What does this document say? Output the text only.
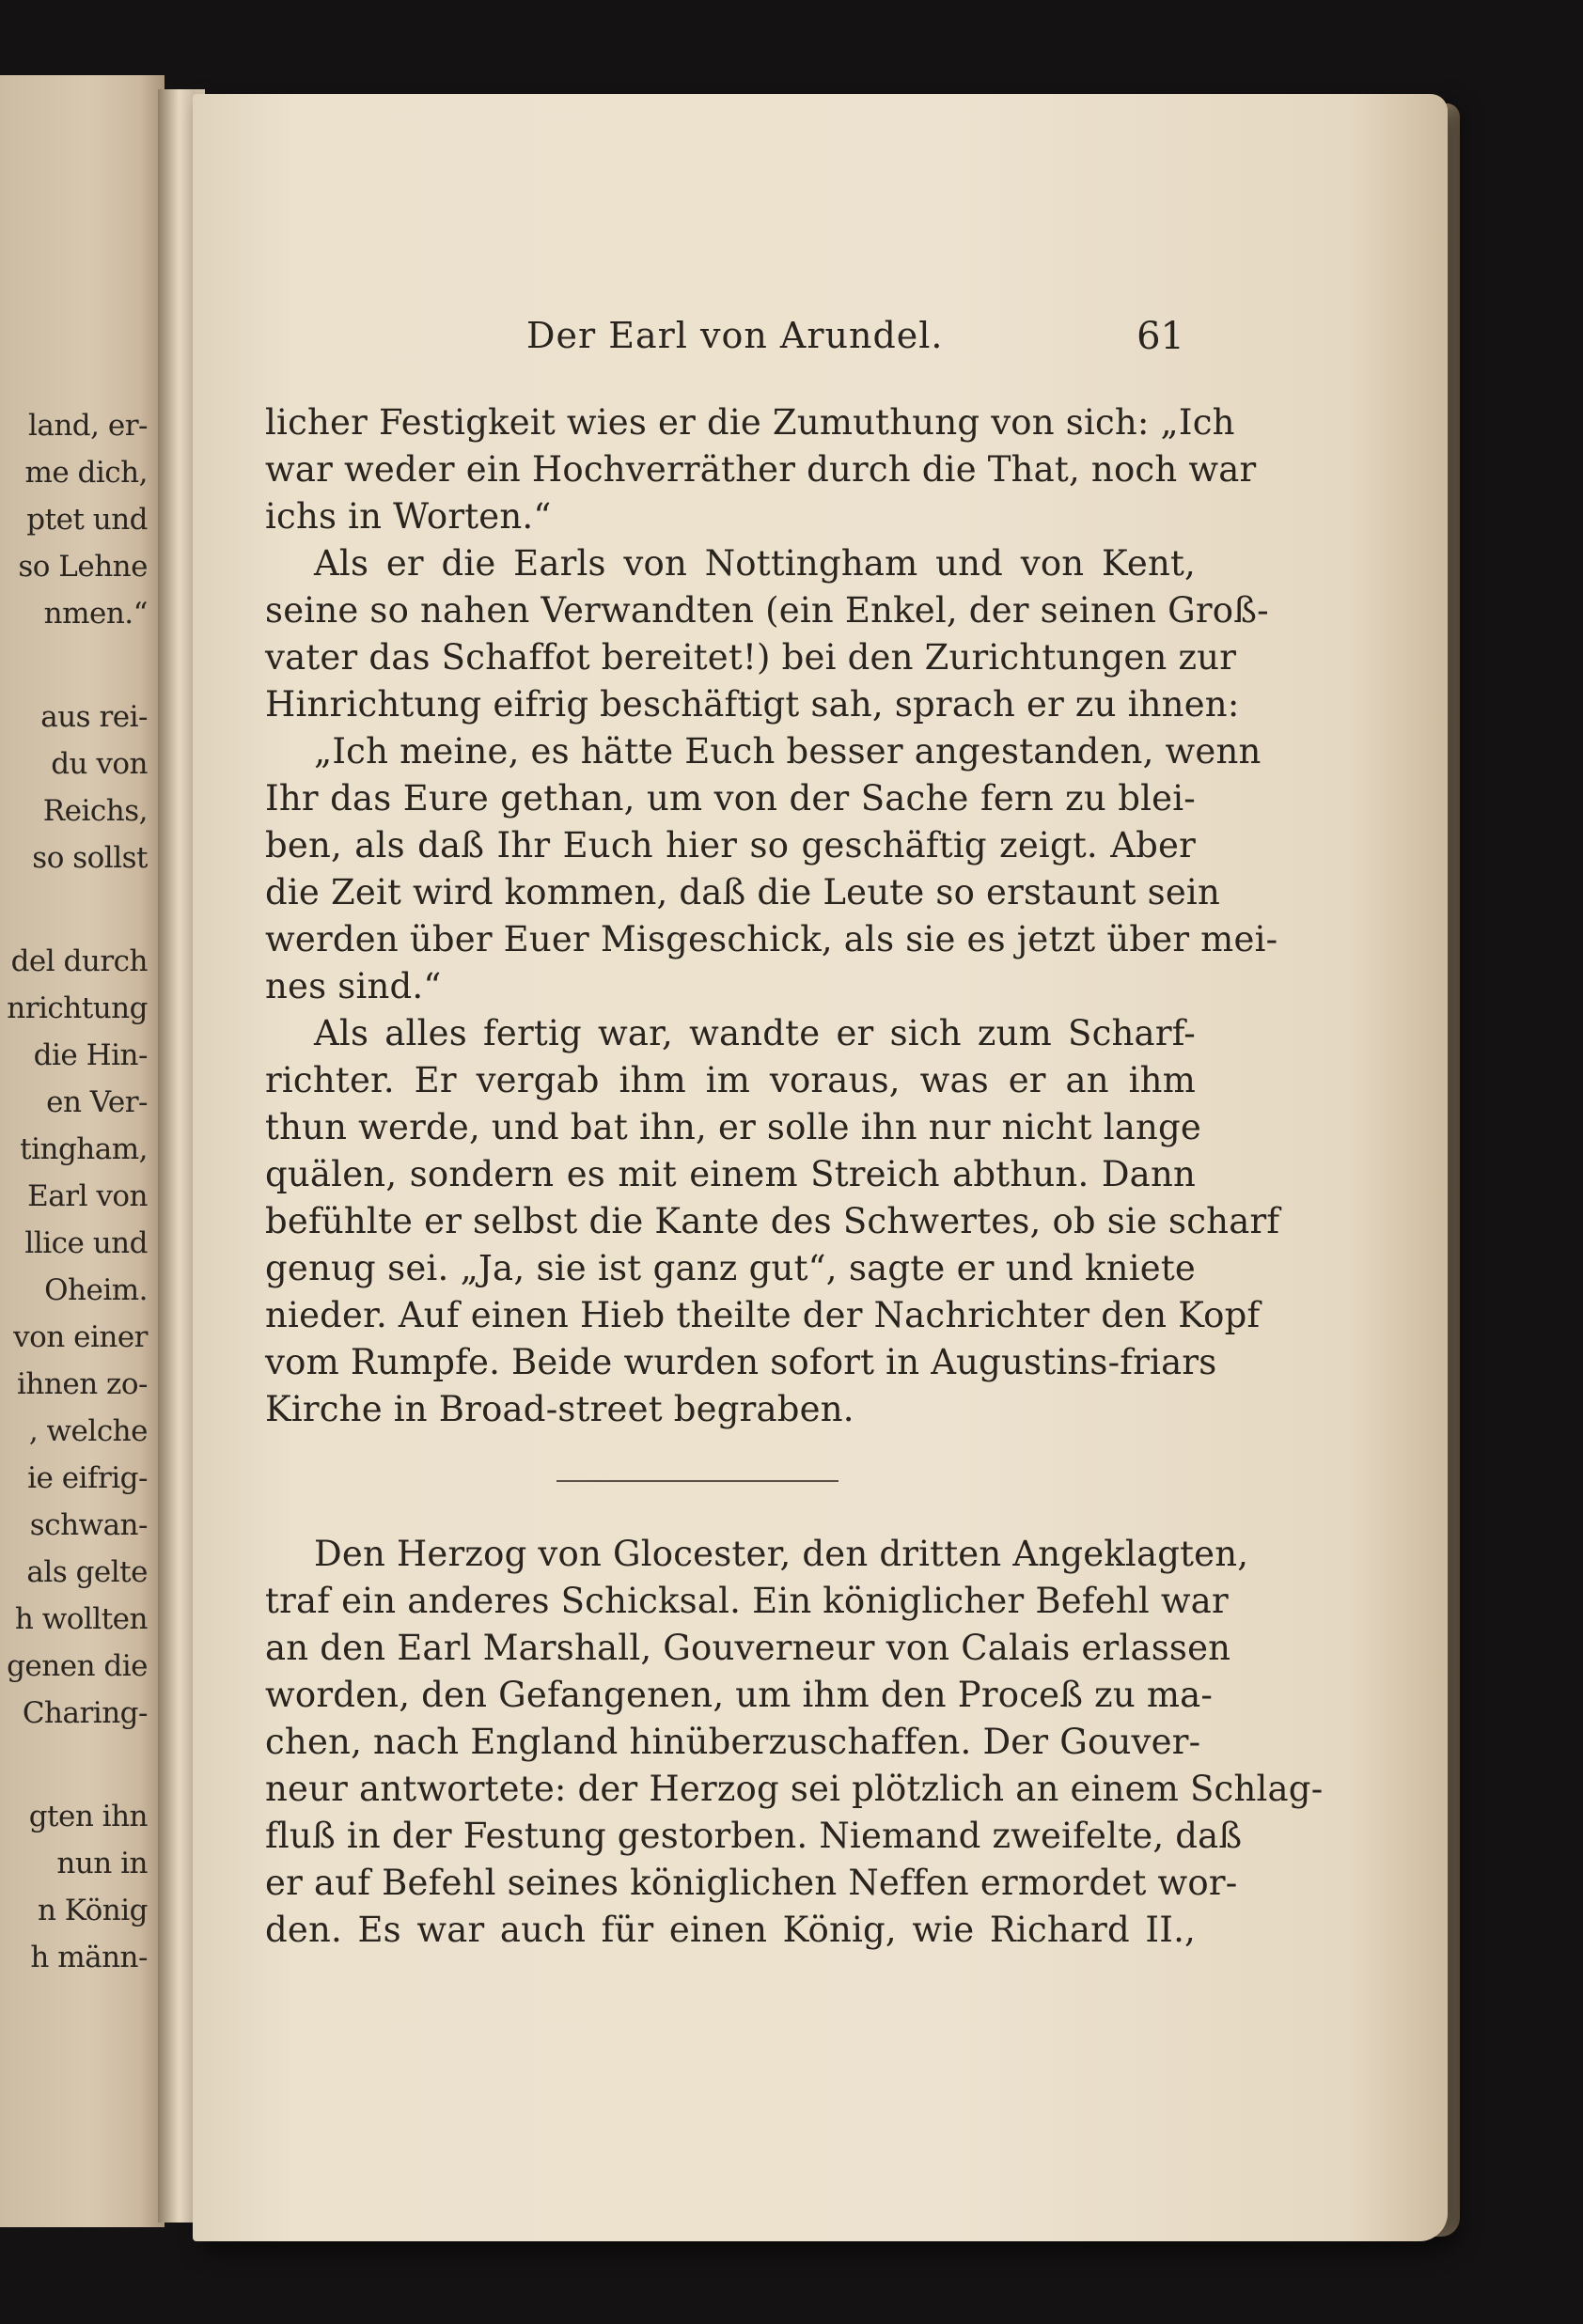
land, er-
me dich,
ptet und
so Lehne
nmen.“
aus rei-
du von
Reichs,
so sollst
del durch
nrichtung
die Hin-
en Ver-
tingham,
Earl von
llice und
Oheim.
von einer
ihnen zo-
, welche
ie eifrig-
schwan-
als gelte
h wollten
genen die
Charing-
gten ihn
nun in
n König
h männ-
Der Earl von Arundel.	61
licher Festigkeit wies er die Zumuthung von sich: „Ich
war weder ein Hochverräther durch die That, noch war
ichs in Worten.“
Als er die Earls von Nottingham und von Kent,
seine so nahen Verwandten (ein Enkel, der seinen Groß-
vater das Schaffot bereitet!) bei den Zurichtungen zur
Hinrichtung eifrig beschäftigt sah, sprach er zu ihnen:
„Ich meine, es hätte Euch besser angestanden, wenn
Ihr das Eure gethan, um von der Sache fern zu blei-
ben, als daß Ihr Euch hier so geschäftig zeigt. Aber
die Zeit wird kommen, daß die Leute so erstaunt sein
werden über Euer Misgeschick, als sie es jetzt über mei-
nes sind.“
Als alles fertig war, wandte er sich zum Scharf-
richter. Er vergab ihm im voraus, was er an ihm
thun werde, und bat ihn, er solle ihn nur nicht lange
quälen, sondern es mit einem Streich abthun. Dann
befühlte er selbst die Kante des Schwertes, ob sie scharf
genug sei. „Ja, sie ist ganz gut“, sagte er und kniete
nieder. Auf einen Hieb theilte der Nachrichter den Kopf
vom Rumpfe. Beide wurden sofort in Augustins-friars
Kirche in Broad-street begraben.
Den Herzog von Glocester, den dritten Angeklagten,
traf ein anderes Schicksal. Ein königlicher Befehl war
an den Earl Marshall, Gouverneur von Calais erlassen
worden, den Gefangenen, um ihm den Proceß zu ma-
chen, nach England hinüberzuschaffen. Der Gouver-
neur antwortete: der Herzog sei plötzlich an einem Schlag-
fluß in der Festung gestorben. Niemand zweifelte, daß
er auf Befehl seines königlichen Neffen ermordet wor-
den. Es war auch für einen König, wie Richard II.,
